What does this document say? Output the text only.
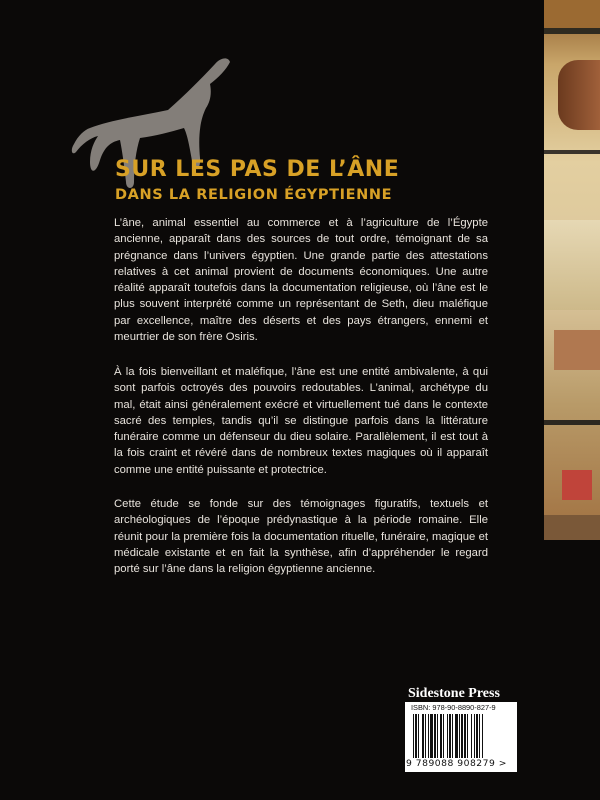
SUR LES PAS DE L’ÂNE
DANS LA RELIGION ÉGYPTIENNE

L’âne, animal essentiel au commerce et à l’agriculture de l’Égypte ancienne, apparaît dans des sources de tout ordre, témoignant de sa prégnance dans l’univers égyptien. Une grande partie des attestations relatives à cet animal provient de documents économiques. Une autre réalité apparaît toutefois dans la documentation religieuse, où l’âne est le plus souvent interprété comme un représentant de Seth, dieu maléfique par excellence, maître des déserts et des pays étrangers, ennemi et meurtrier de son frère Osiris.

À la fois bienveillant et maléfique, l’âne est une entité ambivalente, à qui sont parfois octroyés des pouvoirs redoutables. L’animal, archétype du mal, était ainsi généralement exécré et virtuellement tué dans le contexte sacré des temples, tandis qu’il se distingue parfois dans la littérature funéraire comme un défenseur du dieu solaire. Parallèlement, il est tout à la fois craint et révéré dans de nombreux textes magiques où il apparaît comme une entité puissante et protectrice.

Cette étude se fonde sur des témoignages figuratifs, textuels et archéologiques de l’époque prédynastique à la période romaine. Elle réunit pour la première fois la documentation rituelle, funéraire, magique et médicale existante et en fait la synthèse, afin d’appréhender le regard porté sur l’âne dans la religion égyptienne ancienne.

Sidestone Press
ISBN: 978-90-8890-827-9
9 789088 908279 >
